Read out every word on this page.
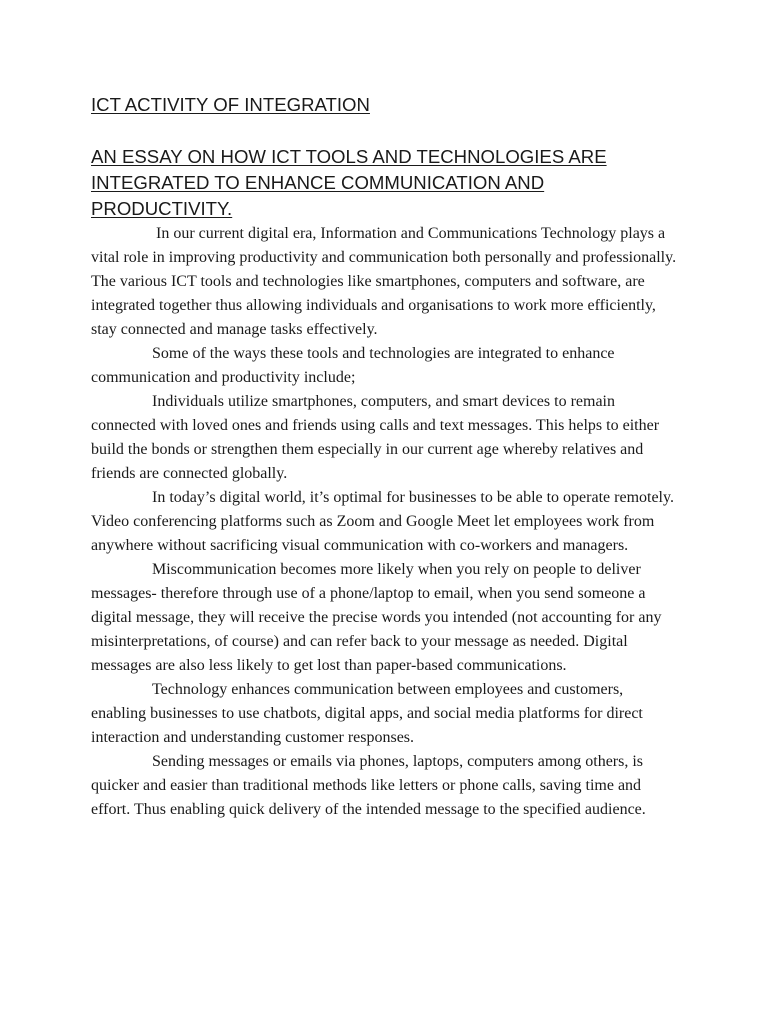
ICT ACTIVITY OF INTEGRATION
AN ESSAY ON HOW ICT TOOLS AND TECHNOLOGIES ARE INTEGRATED TO ENHANCE COMMUNICATION AND PRODUCTIVITY.

In our current digital era, Information and Communications Technology plays a vital role in improving productivity and communication both personally and professionally. The various ICT tools and technologies like smartphones, computers and software, are integrated together thus allowing individuals and organisations to work more efficiently, stay connected and manage tasks effectively.

Some of the ways these tools and technologies are integrated to enhance communication and productivity include;

Individuals utilize smartphones, computers, and smart devices to remain connected with loved ones and friends using calls and text messages. This helps to either build the bonds or strengthen them especially in our current age whereby relatives and friends are connected globally.

In today’s digital world, it’s optimal for businesses to be able to operate remotely. Video conferencing platforms such as Zoom and Google Meet let employees work from anywhere without sacrificing visual communication with co-workers and managers.

Miscommunication becomes more likely when you rely on people to deliver messages- therefore through use of a phone/laptop to email, when you send someone a digital message, they will receive the precise words you intended (not accounting for any misinterpretations, of course) and can refer back to your message as needed. Digital messages are also less likely to get lost than paper-based communications.

Technology enhances communication between employees and customers, enabling businesses to use chatbots, digital apps, and social media platforms for direct interaction and understanding customer responses.

Sending messages or emails via phones, laptops, computers among others, is quicker and easier than traditional methods like letters or phone calls, saving time and effort. Thus enabling quick delivery of the intended message to the specified audience.
